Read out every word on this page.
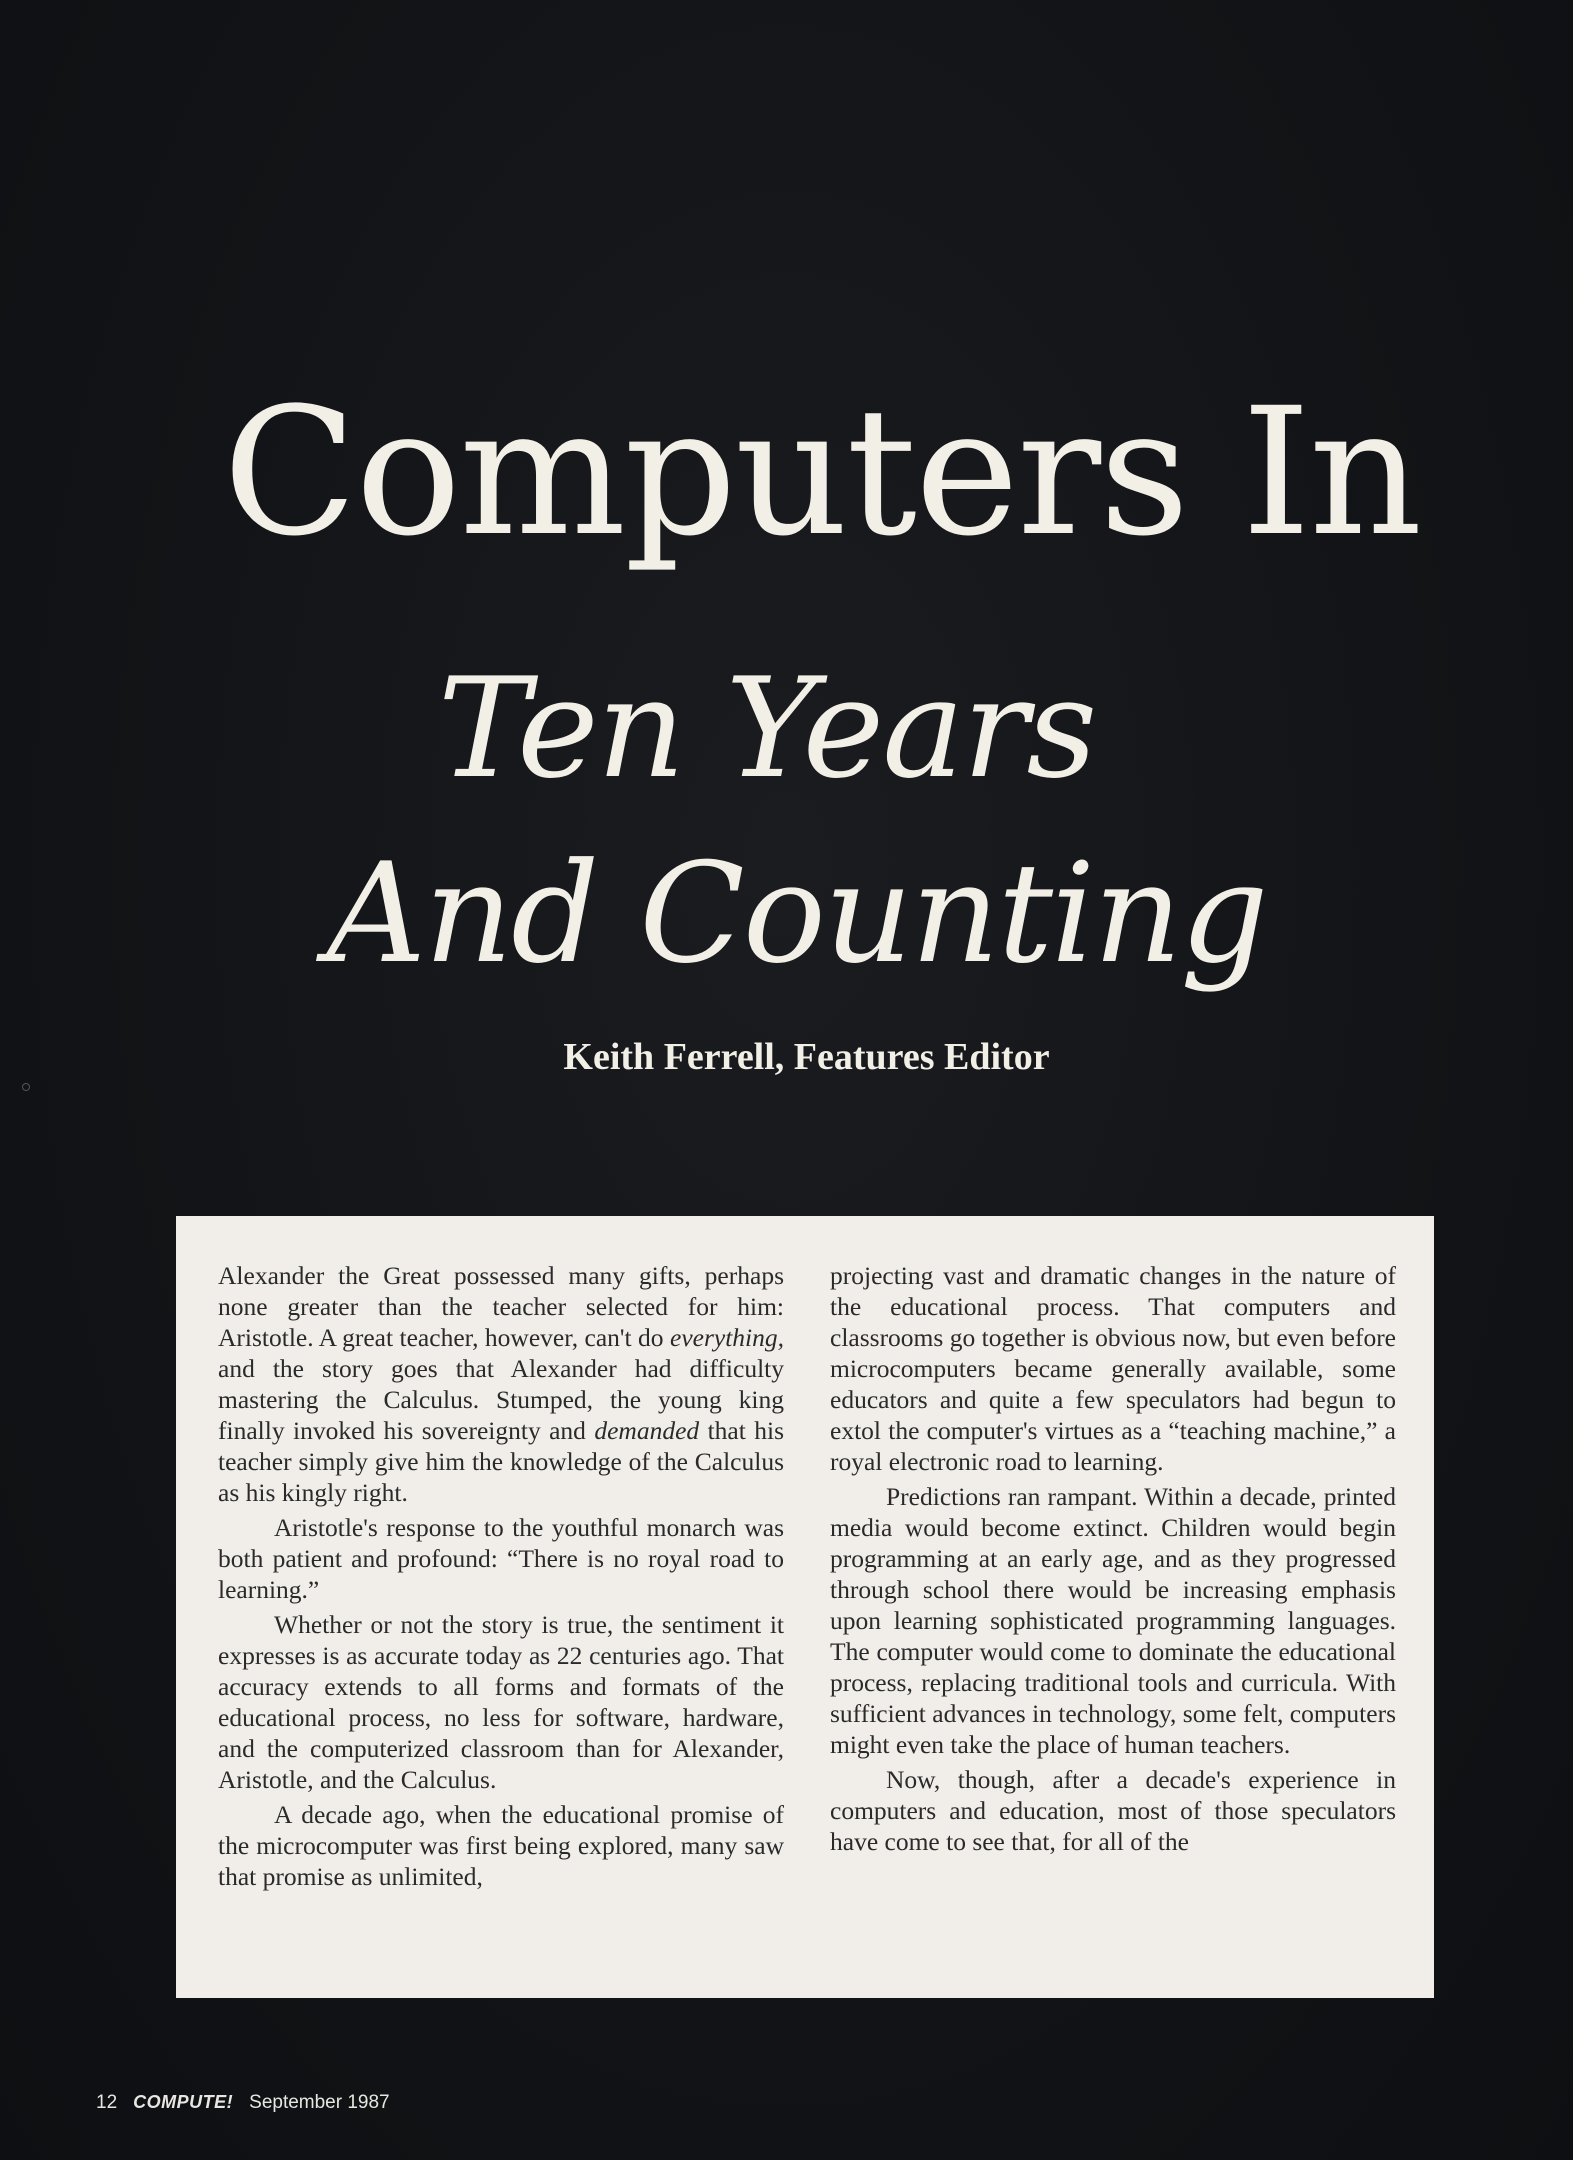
Computers In
Ten Years
And Counting
Keith Ferrell, Features Editor

Alexander the Great possessed many gifts, perhaps none greater than the teacher selected for him: Aristotle. A great teacher, however, can't do everything, and the story goes that Alexander had difficulty mastering the Calculus. Stumped, the young king finally invoked his sovereignty and demanded that his teacher simply give him the knowledge of the Calculus as his kingly right.

Aristotle's response to the youthful monarch was both patient and profound: “There is no royal road to learning.”

Whether or not the story is true, the sentiment it expresses is as accurate today as 22 centuries ago. That accuracy extends to all forms and formats of the educational process, no less for software, hardware, and the computerized classroom than for Alexander, Aristotle, and the Calculus.

A decade ago, when the educational promise of the microcomputer was first being explored, many saw that promise as unlimited,

projecting vast and dramatic changes in the nature of the educational process. That computers and classrooms go together is obvious now, but even before microcomputers became generally available, some educators and quite a few speculators had begun to extol the computer's virtues as a “teaching machine,” a royal electronic road to learning.

Predictions ran rampant. Within a decade, printed media would become extinct. Children would begin programming at an early age, and as they progressed through school there would be increasing emphasis upon learning sophisticated programming languages. The computer would come to dominate the educational process, replacing traditional tools and curricula. With sufficient advances in technology, some felt, computers might even take the place of human teachers.

Now, though, after a decade's experience in computers and education, most of those speculators have come to see that, for all of the

12 COMPUTE! September 1987
